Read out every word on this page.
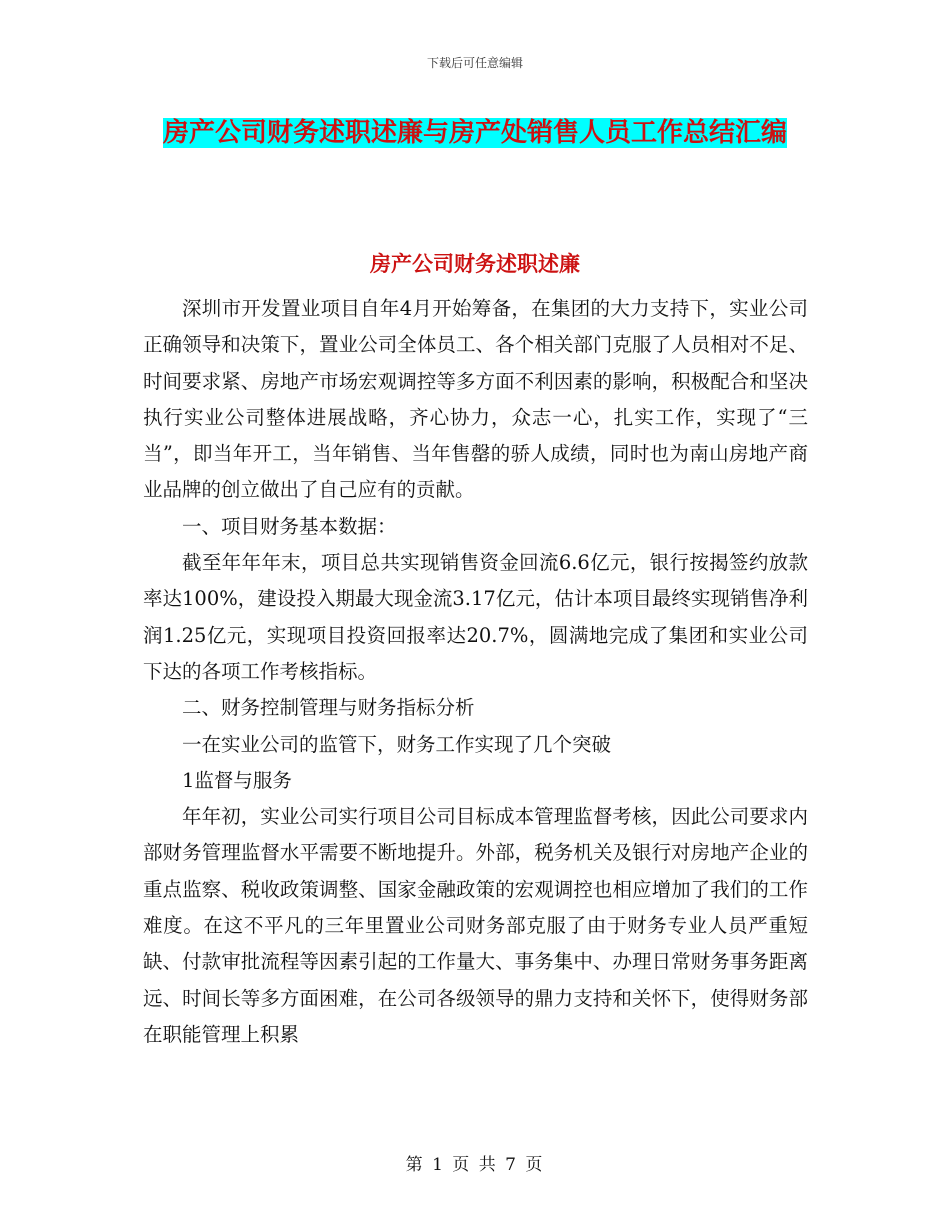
下载后可任意编辑
房产公司财务述职述廉与房产处销售人员工作总结汇编
房产公司财务述职述廉

深圳市开发置业项目自年4月开始筹备，在集团的大力支持下，实业公司正确领导和决策下，置业公司全体员工、各个相关部门克服了人员相对不足、时间要求紧、房地产市场宏观调控等多方面不利因素的影响，积极配合和坚决执行实业公司整体进展战略，齐心协力，众志一心，扎实工作，实现了“三当”，即当年开工，当年销售、当年售罄的骄人成绩，同时也为南山房地产商业品牌的创立做出了自己应有的贡献。

一、项目财务基本数据：

截至年年年末，项目总共实现销售资金回流6.6亿元，银行按揭签约放款率达100%，建设投入期最大现金流3.17亿元，估计本项目最终实现销售净利润1.25亿元，实现项目投资回报率达20.7%，圆满地完成了集团和实业公司下达的各项工作考核指标。

二、财务控制管理与财务指标分析

一在实业公司的监管下，财务工作实现了几个突破

1监督与服务

年年初，实业公司实行项目公司目标成本管理监督考核，因此公司要求内部财务管理监督水平需要不断地提升。外部，税务机关及银行对房地产企业的重点监察、税收政策调整、国家金融政策的宏观调控也相应增加了我们的工作难度。在这不平凡的三年里置业公司财务部克服了由于财务专业人员严重短缺、付款审批流程等因素引起的工作量大、事务集中、办理日常财务事务距离远、时间长等多方面困难，在公司各级领导的鼎力支持和关怀下，使得财务部在职能管理上积累

第 1 页 共 7 页
